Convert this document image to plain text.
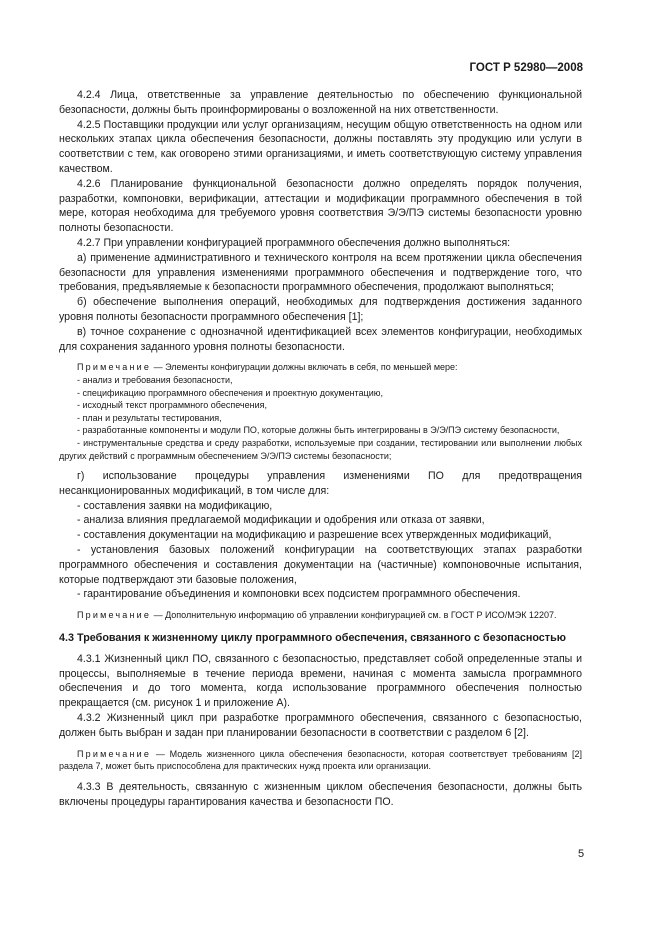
ГОСТ Р 52980—2008

4.2.4 Лица, ответственные за управление деятельностью по обеспечению функциональной безопасности, должны быть проинформированы о возложенной на них ответственности.

4.2.5 Поставщики продукции или услуг организациям, несущим общую ответственность на одном или нескольких этапах цикла обеспечения безопасности, должны поставлять эту продукцию или услуги в соответствии с тем, как оговорено этими организациями, и иметь соответствующую систему управления качеством.

4.2.6 Планирование функциональной безопасности должно определять порядок получения, разработки, компоновки, верификации, аттестации и модификации программного обеспечения в той мере, которая необходима для требуемого уровня соответствия Э/Э/ПЭ системы безопасности уровню полноты безопасности.

4.2.7 При управлении конфигурацией программного обеспечения должно выполняться:

а) применение административного и технического контроля на всем протяжении цикла обеспечения безопасности для управления изменениями программного обеспечения и подтверждение того, что требования, предъявляемые к безопасности программного обеспечения, продолжают выполняться;

б) обеспечение выполнения операций, необходимых для подтверждения достижения заданного уровня полноты безопасности программного обеспечения [1];

в) точное сохранение с однозначной идентификацией всех элементов конфигурации, необходимых для сохранения заданного уровня полноты безопасности.

Примечание — Элементы конфигурации должны включать в себя, по меньшей мере:

- анализ и требования безопасности,

- спецификацию программного обеспечения и проектную документацию,

- исходный текст программного обеспечения,

- план и результаты тестирования,

- разработанные компоненты и модули ПО, которые должны быть интегрированы в Э/Э/ПЭ систему безопасности,

- инструментальные средства и среду разработки, используемые при создании, тестировании или выполнении любых других действий с программным обеспечением Э/Э/ПЭ системы безопасности;

г) использование процедуры управления изменениями ПО для предотвращения несанкционированных модификаций, в том числе для:

- составления заявки на модификацию,

- анализа влияния предлагаемой модификации и одобрения или отказа от заявки,

- составления документации на модификацию и разрешение всех утвержденных модификаций,

- установления базовых положений конфигурации на соответствующих этапах разработки программного обеспечения и составления документации на (частичные) компоновочные испытания, которые подтверждают эти базовые положения,

- гарантирование объединения и компоновки всех подсистем программного обеспечения.

Примечание — Дополнительную информацию об управлении конфигурацией см. в ГОСТ Р ИСО/МЭК 12207.

4.3 Требования к жизненному циклу программного обеспечения, связанного с безопасностью

4.3.1 Жизненный цикл ПО, связанного с безопасностью, представляет собой определенные этапы и процессы, выполняемые в течение периода времени, начиная с момента замысла программного обеспечения и до того момента, когда использование программного обеспечения полностью прекращается (см. рисунок 1 и приложение А).

4.3.2 Жизненный цикл при разработке программного обеспечения, связанного с безопасностью, должен быть выбран и задан при планировании безопасности в соответствии с разделом 6 [2].

Примечание — Модель жизненного цикла обеспечения безопасности, которая соответствует требованиям [2] раздела 7, может быть приспособлена для практических нужд проекта или организации.

4.3.3 В деятельность, связанную с жизненным циклом обеспечения безопасности, должны быть включены процедуры гарантирования качества и безопасности ПО.

5
